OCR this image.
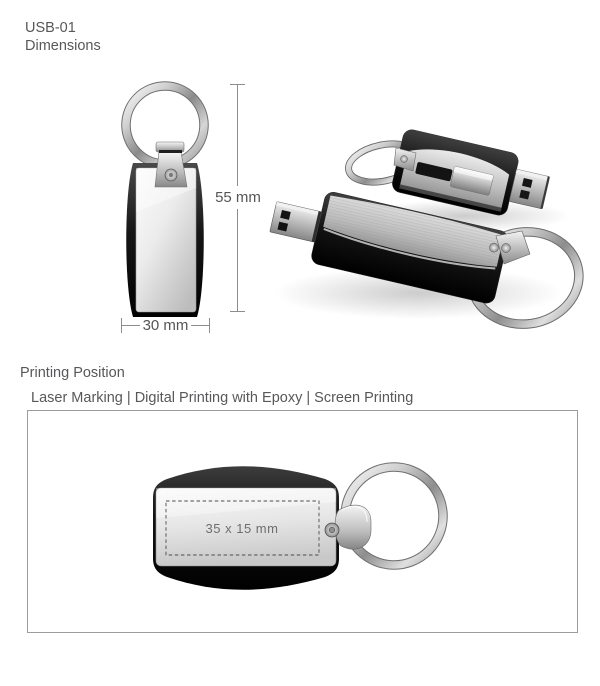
USB-01
Dimensions
55 mm
30 mm
Printing Position
Laser Marking | Digital Printing with Epoxy | Screen Printing
35 x 15 mm
